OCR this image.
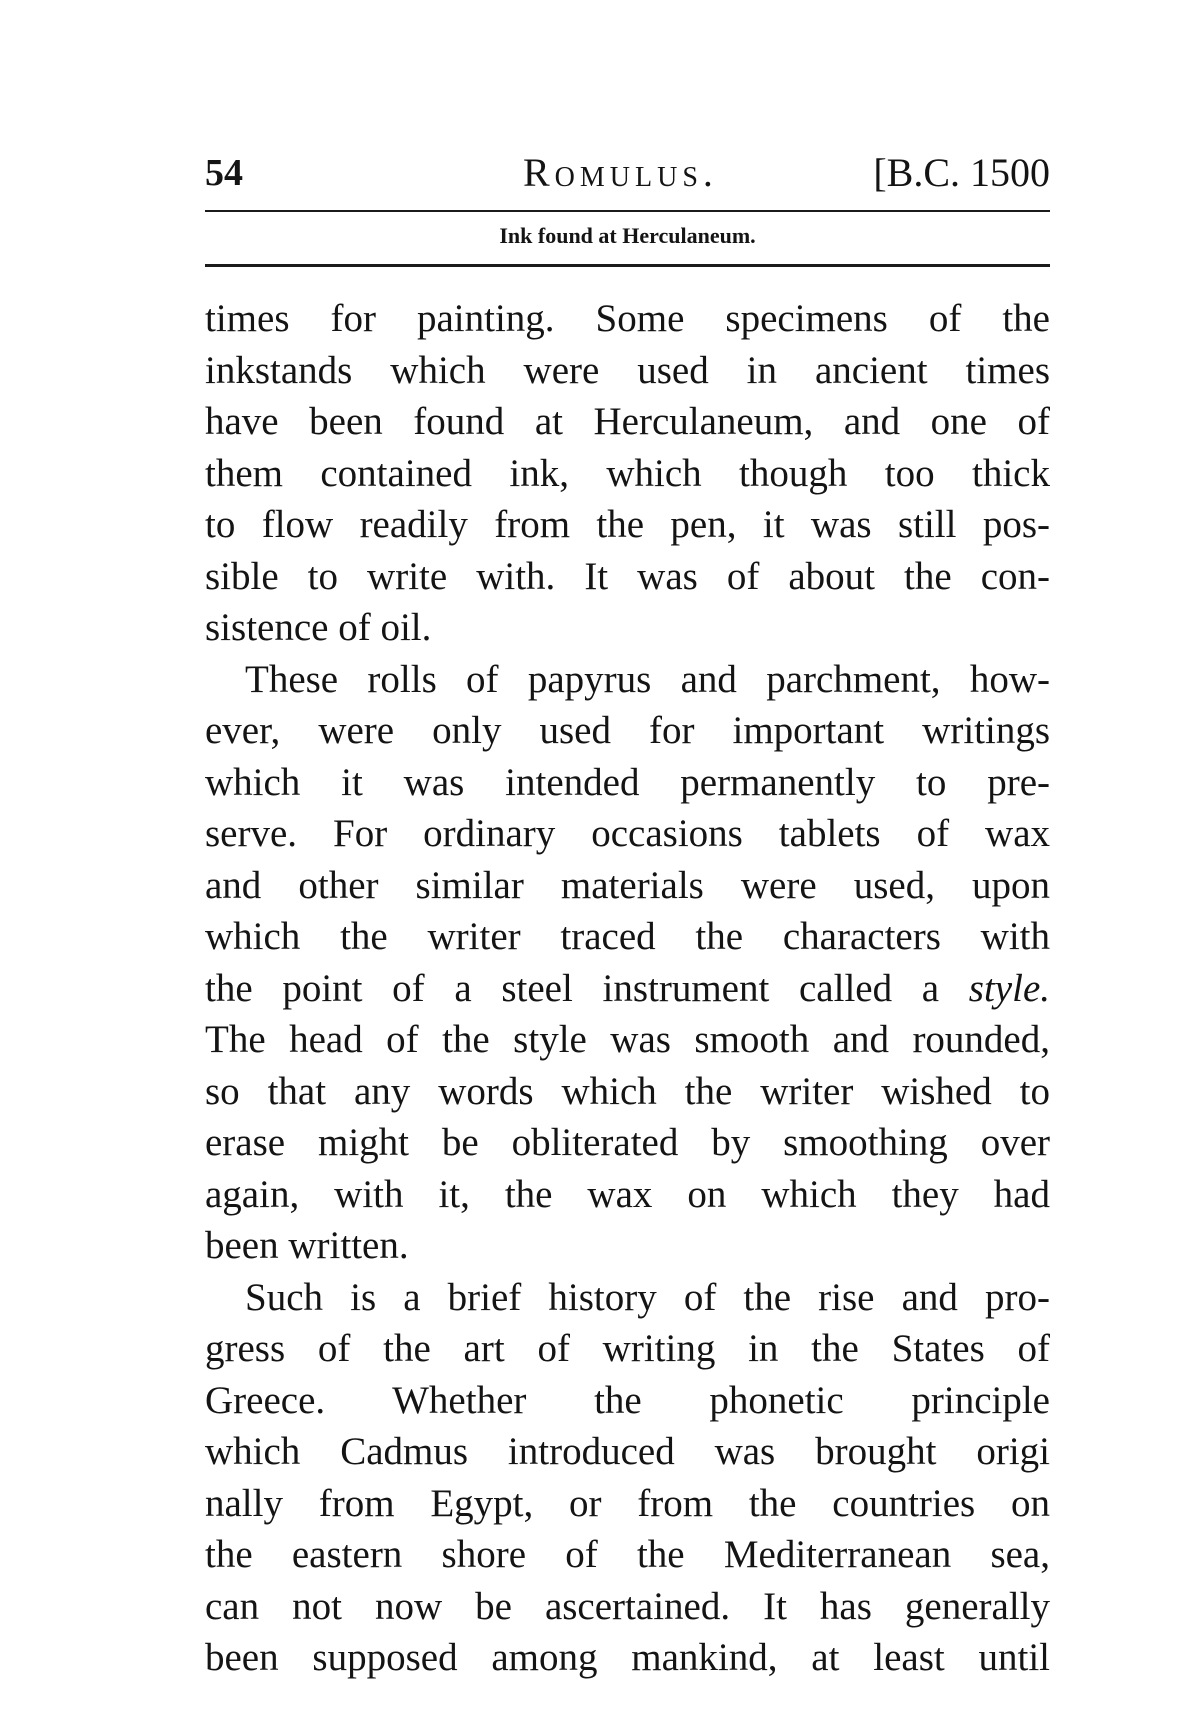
54	Romulus.	[B.C. 1500
Ink found at Herculaneum.
times for painting. Some specimens of the
inkstands which were used in ancient times
have been found at Herculaneum, and one of
them contained ink, which though too thick
to flow readily from the pen, it was still pos-
sible to write with. It was of about the con-
sistence of oil.
These rolls of papyrus and parchment, how-
ever, were only used for important writings
which it was intended permanently to pre-
serve. For ordinary occasions tablets of wax
and other similar materials were used, upon
which the writer traced the characters with
the point of a steel instrument called a style.
The head of the style was smooth and rounded,
so that any words which the writer wished to
erase might be obliterated by smoothing over
again, with it, the wax on which they had
been written.
Such is a brief history of the rise and pro-
gress of the art of writing in the States of
Greece. Whether the phonetic principle
which Cadmus introduced was brought origi
nally from Egypt, or from the countries on
the eastern shore of the Mediterranean sea,
can not now be ascertained. It has generally
been supposed among mankind, at least until
